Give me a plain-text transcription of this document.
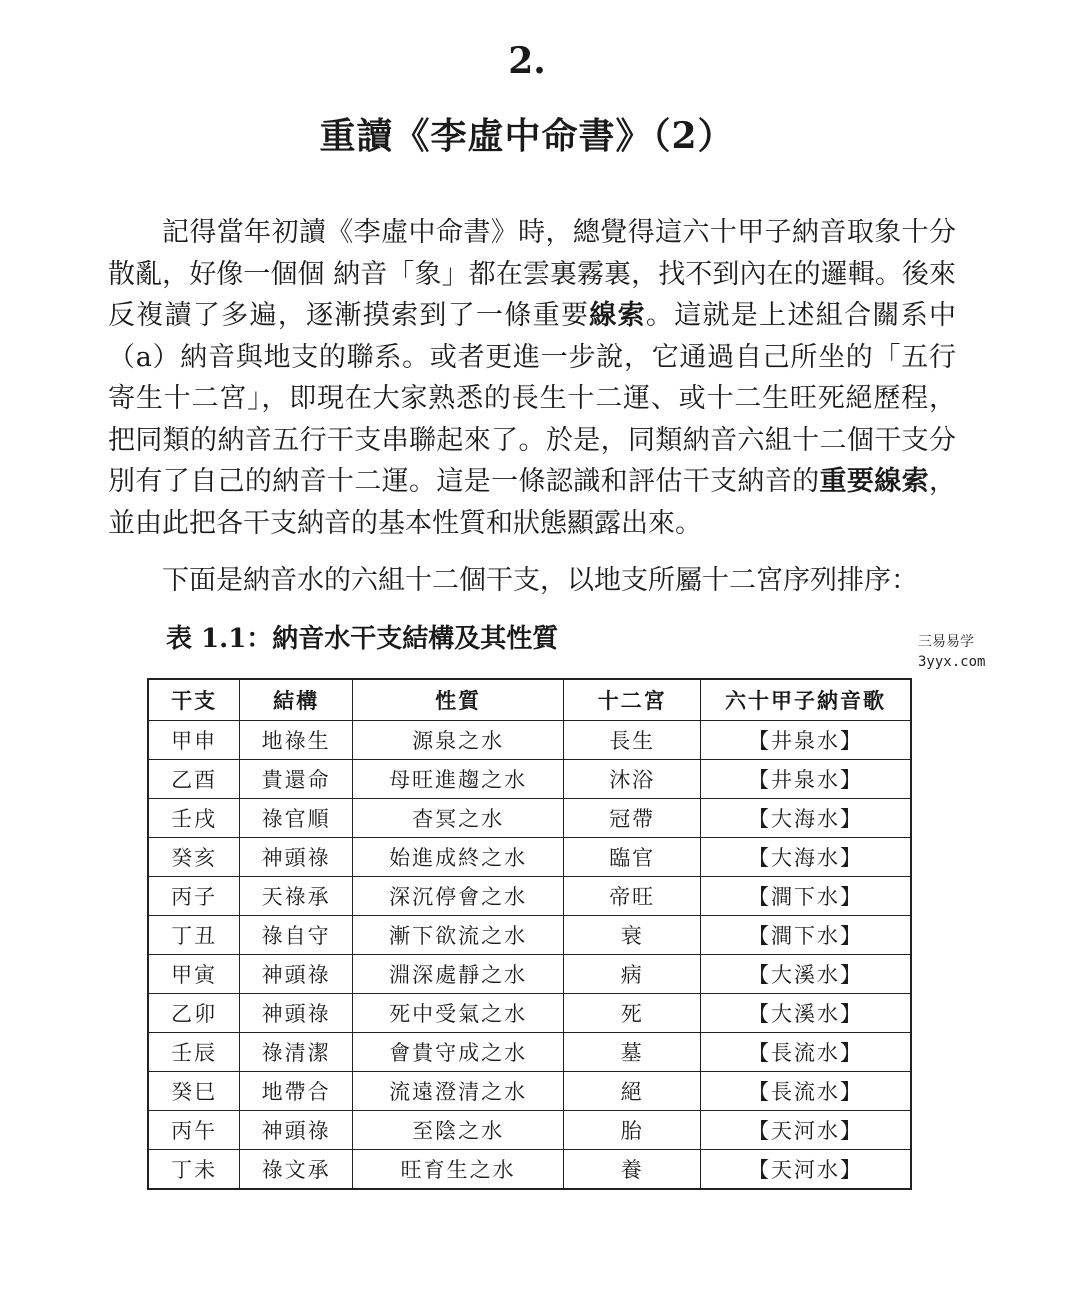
2.
重讀《李虛中命書》（2）

記得當年初讀《李虛中命書》時，總覺得這六十甲子納音取象十分散亂，好像一個個 納音「象」都在雲裏霧裏，找不到內在的邏輯。後來反複讀了多遍，逐漸摸索到了一條重要線索。這就是上述組合關系中（a）納音與地支的聯系。或者更進一步說，它通過自己所坐的「五行寄生十二宮」，即現在大家熟悉的長生十二運、或十二生旺死絕歷程，把同類的納音五行干支串聯起來了。於是，同類納音六組十二個干支分別有了自己的納音十二運。這是一條認識和評估干支納音的重要線索，並由此把各干支納音的基本性質和狀態顯露出來。

下面是納音水的六組十二個干支，以地支所屬十二宮序列排序：

表 1.1：納音水干支結構及其性質	三易易学
3yyx.com
干支	結構	性質	十二宮	六十甲子納音歌
甲申	地祿生	源泉之水	長生	【井泉水】
乙酉	貴還命	母旺進趨之水	沐浴	【井泉水】
壬戌	祿官順	杳冥之水	冠帶	【大海水】
癸亥	神頭祿	始進成終之水	臨官	【大海水】
丙子	天祿承	深沉停會之水	帝旺	【澗下水】
丁丑	祿自守	漸下欲流之水	衰	【澗下水】
甲寅	神頭祿	淵深處靜之水	病	【大溪水】
乙卯	神頭祿	死中受氣之水	死	【大溪水】
壬辰	祿清潔	會貴守成之水	墓	【長流水】
癸巳	地帶合	流遠澄清之水	絕	【長流水】
丙午	神頭祿	至陰之水	胎	【天河水】
丁未	祿文承	旺育生之水	養	【天河水】
